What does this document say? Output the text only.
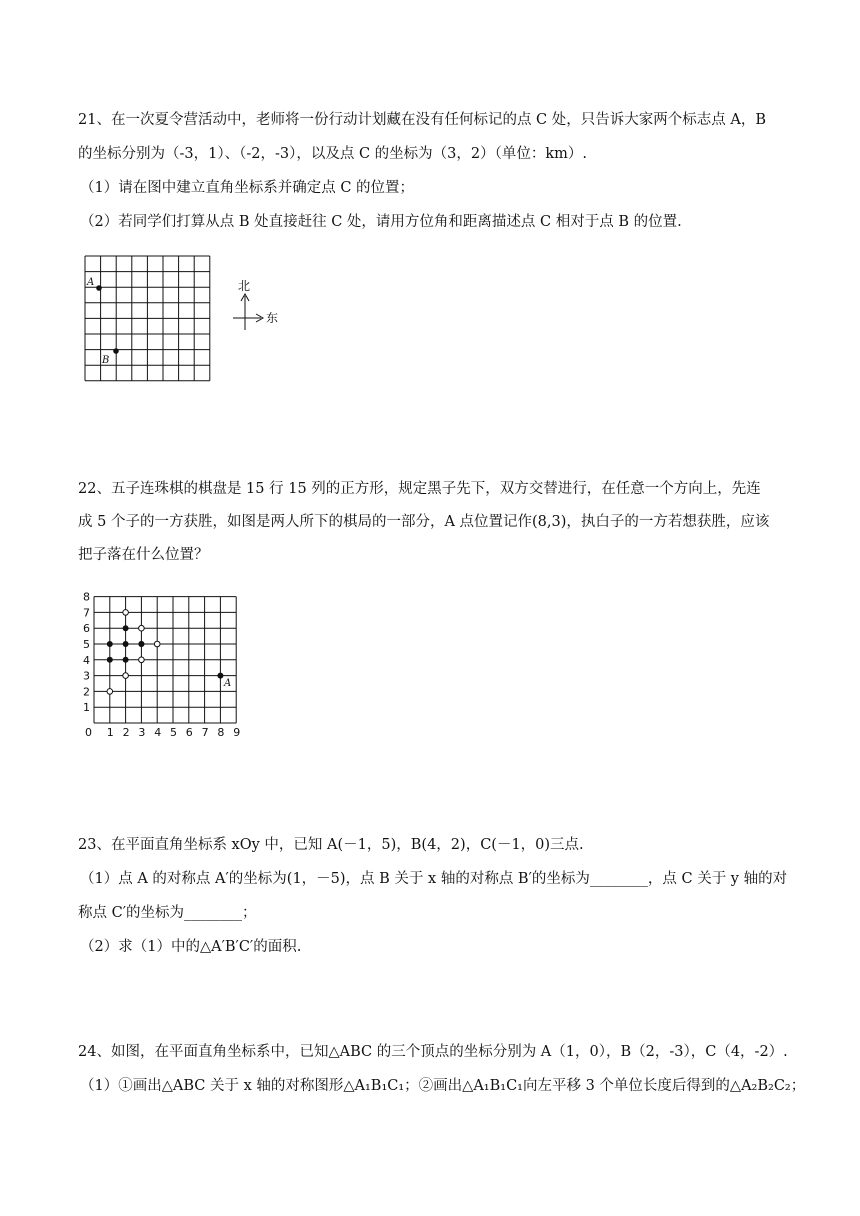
21、在一次夏令营活动中，老师将一份行动计划藏在没有任何标记的点 C 处，只告诉大家两个标志点 A，B
的坐标分别为（-3，1）、（-2，-3），以及点 C 的坐标为（3，2）（单位：km）.
（1）请在图中建立直角坐标系并确定点 C 的位置；
（2）若同学们打算从点 B 处直接赶往 C 处，请用方位角和距离描述点 C 相对于点 B 的位置.
A
B
北
东
22、五子连珠棋的棋盘是 15 行 15 列的正方形，规定黑子先下，双方交替进行，在任意一个方向上，先连
成 5 个子的一方获胜，如图是两人所下的棋局的一部分，A 点位置记作(8,3)，执白子的一方若想获胜，应该
把子落在什么位置？
0 1 2 3 4 5 6 7 8 9
1
2
3
4
5
6
7
8
A
23、在平面直角坐标系 xOy 中，已知 A(－1，5)，B(4，2)，C(－1，0)三点.
（1）点 A 的对称点 A′的坐标为(1，－5)，点 B 关于 x 轴的对称点 B′的坐标为________，点 C 关于 y 轴的对
称点 C′的坐标为________；
（2）求（1）中的△A′B′C′的面积.
24、如图，在平面直角坐标系中，已知△ABC 的三个顶点的坐标分别为 A（1，0），B（2，-3），C（4，-2）.
（1）①画出△ABC 关于 x 轴的对称图形△A₁B₁C₁；②画出△A₁B₁C₁向左平移 3 个单位长度后得到的△A₂B₂C₂；
